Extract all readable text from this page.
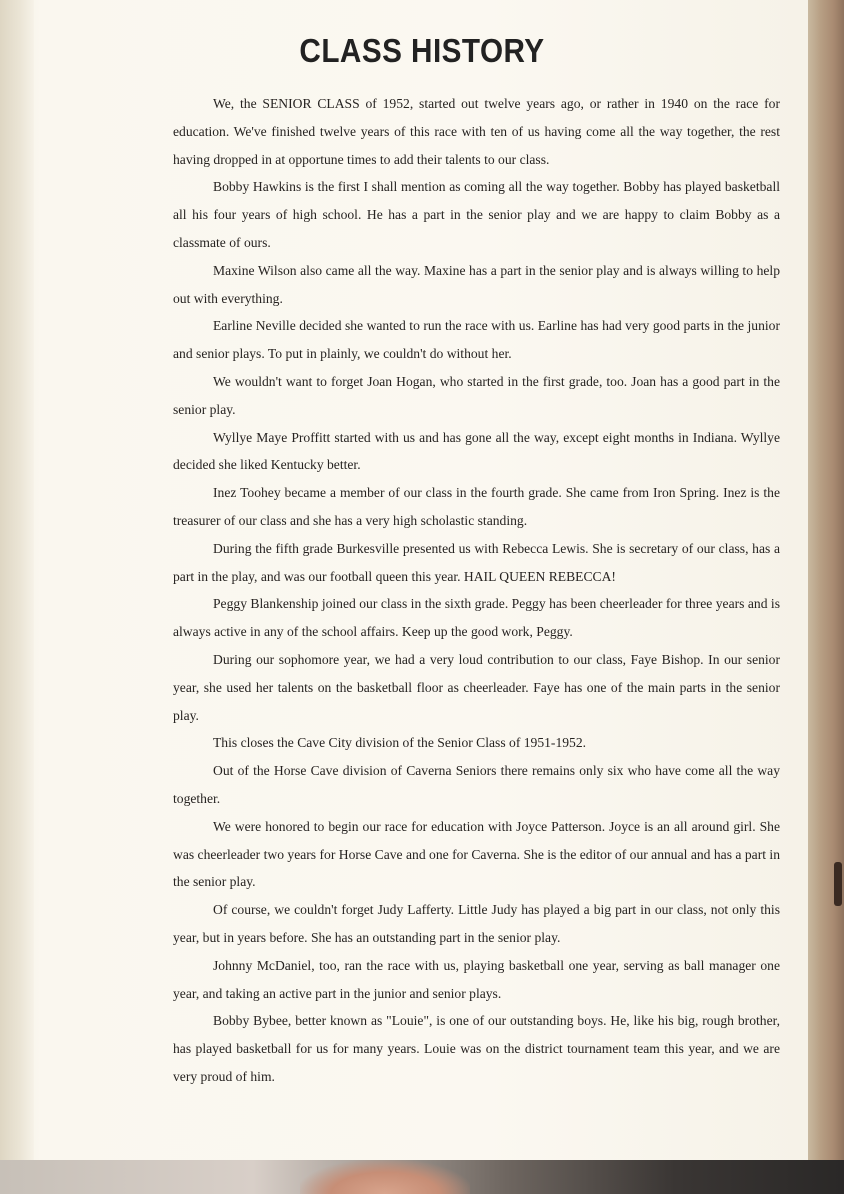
CLASS HISTORY

We, the SENIOR CLASS of 1952, started out twelve years ago, or rather in 1940 on the race for education. We've finished twelve years of this race with ten of us having come all the way together, the rest having dropped in at opportune times to add their talents to our class.

Bobby Hawkins is the first I shall mention as coming all the way together. Bobby has played basketball all his four years of high school. He has a part in the senior play and we are happy to claim Bobby as a classmate of ours.

Maxine Wilson also came all the way. Maxine has a part in the senior play and is always willing to help out with everything.

Earline Neville decided she wanted to run the race with us. Earline has had very good parts in the junior and senior plays. To put in plainly, we couldn't do without her.

We wouldn't want to forget Joan Hogan, who started in the first grade, too. Joan has a good part in the senior play.

Wyllye Maye Proffitt started with us and has gone all the way, except eight months in Indiana. Wyllye decided she liked Kentucky better.

Inez Toohey became a member of our class in the fourth grade. She came from Iron Spring. Inez is the treasurer of our class and she has a very high scholastic standing.

During the fifth grade Burkesville presented us with Rebecca Lewis. She is secretary of our class, has a part in the play, and was our football queen this year. HAIL QUEEN REBECCA!

Peggy Blankenship joined our class in the sixth grade. Peggy has been cheerleader for three years and is always active in any of the school affairs. Keep up the good work, Peggy.

During our sophomore year, we had a very loud contribution to our class, Faye Bishop. In our senior year, she used her talents on the basketball floor as cheerleader. Faye has one of the main parts in the senior play.

This closes the Cave City division of the Senior Class of 1951-1952.

Out of the Horse Cave division of Caverna Seniors there remains only six who have come all the way together.

We were honored to begin our race for education with Joyce Patterson. Joyce is an all around girl. She was cheerleader two years for Horse Cave and one for Caverna. She is the editor of our annual and has a part in the senior play.

Of course, we couldn't forget Judy Lafferty. Little Judy has played a big part in our class, not only this year, but in years before. She has an outstanding part in the senior play.

Johnny McDaniel, too, ran the race with us, playing basketball one year, serving as ball manager one year, and taking an active part in the junior and senior plays.

Bobby Bybee, better known as "Louie", is one of our outstanding boys. He, like his big, rough brother, has played basketball for us for many years. Louie was on the district tournament team this year, and we are very proud of him.
